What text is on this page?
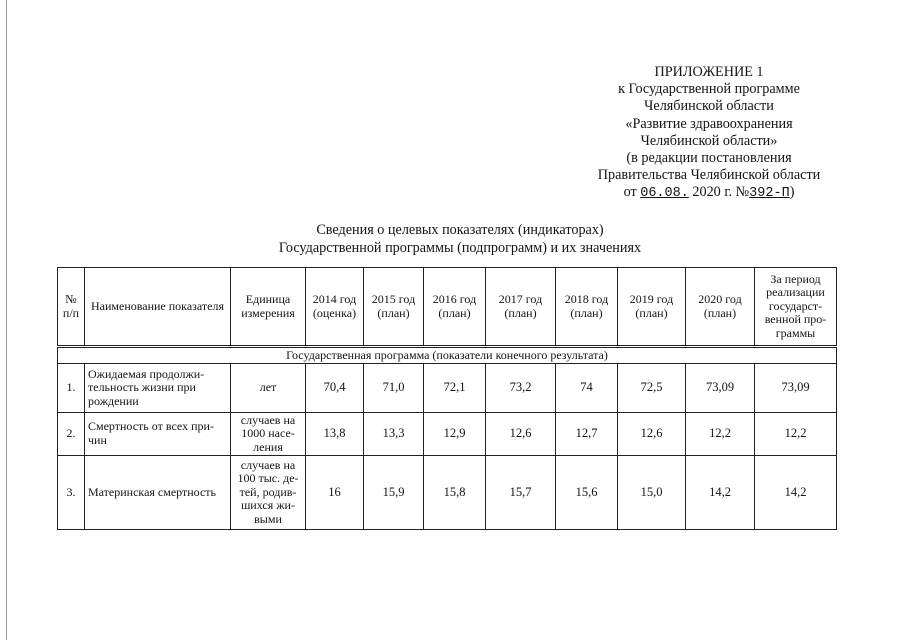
ПРИЛОЖЕНИЕ 1
к Государственной программе
Челябинской области
«Развитие здравоохранения
Челябинской области»
(в редакции постановления
Правительства Челябинской области
от 06.08. 2020 г. №392-П)
Сведения о целевых показателях (индикаторах)
Государственной программы (подпрограмм) и их значениях
№ п/п	Наименование показателя	Единица измерения	2014 год (оценка)	2015 год (план)	2016 год (план)	2017 год (план)	2018 год (план)	2019 год (план)	2020 год (план)	За период реализации государст-венной про-граммы
Государственная программа (показатели конечного результата)										
1.	Ожидаемая продолжи-тельность жизни при рождении	лет	70,4	71,0	72,1	73,2	74	72,5	73,09	73,09
2.	Смертность от всех при-чин	случаев на 1000 насе-ления	13,8	13,3	12,9	12,6	12,7	12,6	12,2	12,2
3.	Материнская смертность	случаев на 100 тыс. де-тей, родив-шихся жи-выми	16	15,9	15,8	15,7	15,6	15,0	14,2	14,2
